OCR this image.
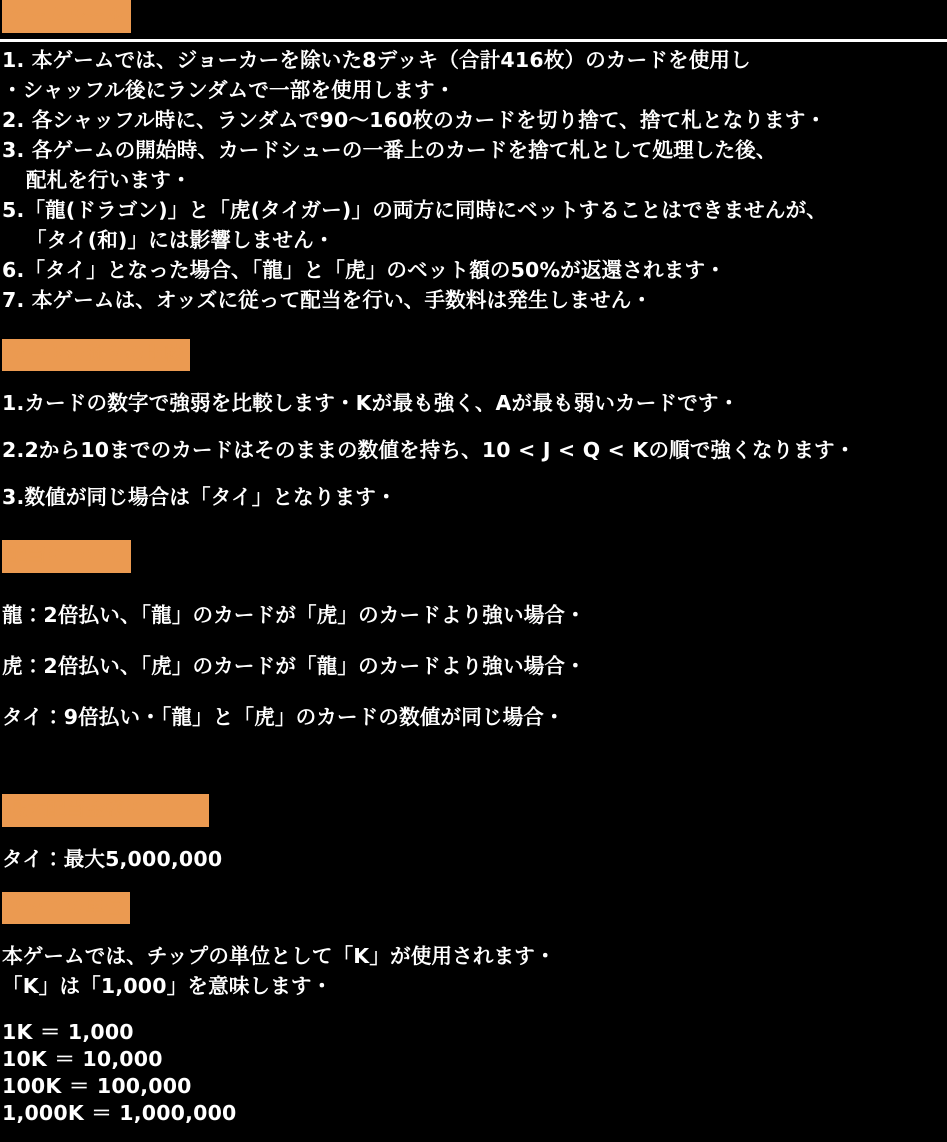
ゲームルール
1. 本ゲームでは、ジョーカーを除いた8デッキ（合計416枚）のカードを使用し
・シャッフル後にランダムで一部を使用します・
2. 各シャッフル時に、ランダムで90〜160枚のカードを切り捨て、捨て札となります・
3. 各ゲームの開始時、カードシューの一番上のカードを捨て札として処理した後、
配札を行います・
5.「龍(ドラゴン)」と「虎(タイガー)」の両方に同時にベットすることはできませんが、
「タイ(和)」には影響しません・
6.「タイ」となった場合、「龍」と「虎」のベット額の50%が返還されます・
7. 本ゲームは、オッズに従って配当を行い、手数料は発生しません・
カードの強さの比較
1.カードの数字で強弱を比較します・Kが最も強く、Aが最も弱いカードです・
2.2から10までのカードはそのままの数値を持ち、10 < J < Q < Kの順で強くなります・
3.数値が同じ場合は「タイ」となります・
配当について
龍：2倍払い、「龍」のカードが「虎」のカードより強い場合・
虎：2倍払い、「虎」のカードが「龍」のカードより強い場合・
タイ：9倍払い・「龍」と「虎」のカードの数値が同じ場合・
最大配当金額について
タイ：最大5,000,000
チップの単位
本ゲームでは、チップの単位として「K」が使用されます・
「K」は「1,000」を意味します・
1K ＝ 1,000
10K ＝ 10,000
100K ＝ 100,000
1,000K ＝ 1,000,000
